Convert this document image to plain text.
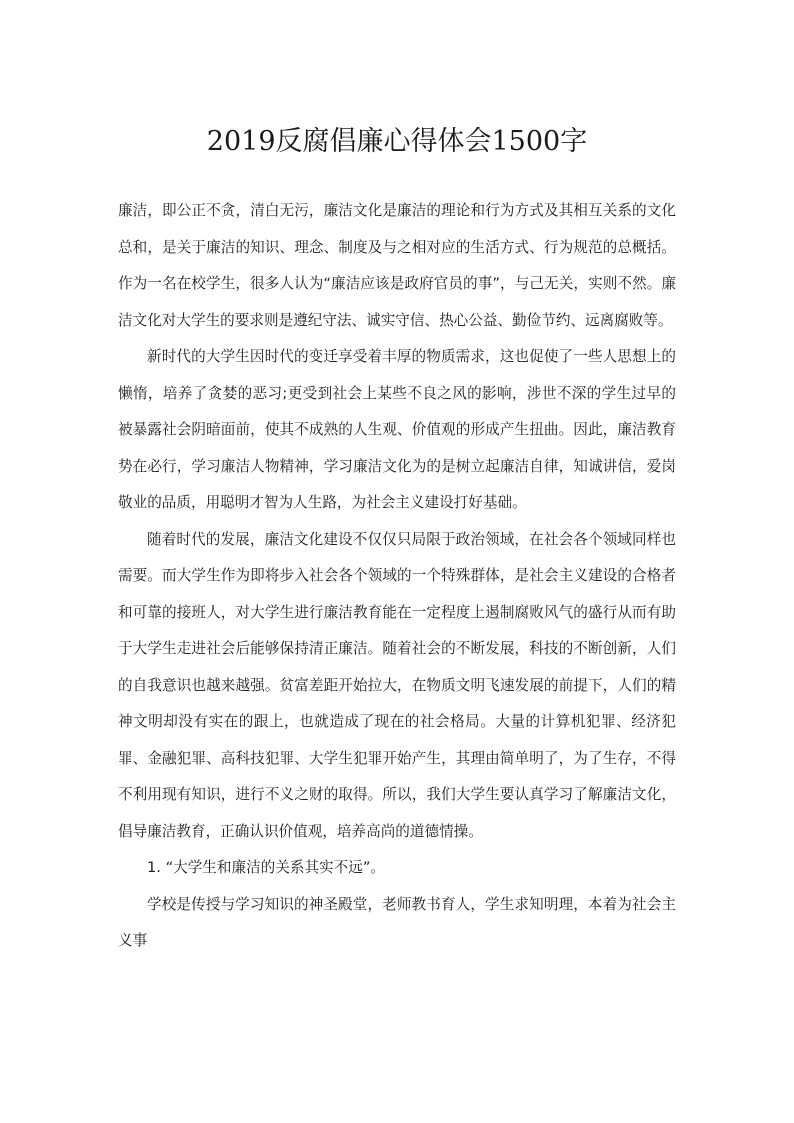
2019反腐倡廉心得体会1500字

廉洁，即公正不贪，清白无污，廉洁文化是廉洁的理论和行为方式及其相互关系的文化总和，是关于廉洁的知识、理念、制度及与之相对应的生活方式、行为规范的总概括。作为一名在校学生，很多人认为“廉洁应该是政府官员的事”，与己无关，实则不然。廉洁文化对大学生的要求则是遵纪守法、诚实守信、热心公益、勤俭节约、远离腐败等。

新时代的大学生因时代的变迁享受着丰厚的物质需求，这也促使了一些人思想上的懒惰，培养了贪婪的恶习;更受到社会上某些不良之风的影响，涉世不深的学生过早的被暴露社会阴暗面前，使其不成熟的人生观、价值观的形成产生扭曲。因此，廉洁教育势在必行，学习廉洁人物精神，学习廉洁文化为的是树立起廉洁自律，知诚讲信，爱岗敬业的品质，用聪明才智为人生路，为社会主义建设打好基础。

随着时代的发展，廉洁文化建设不仅仅只局限于政治领域，在社会各个领域同样也需要。而大学生作为即将步入社会各个领域的一个特殊群体，是社会主义建设的合格者和可靠的接班人，对大学生进行廉洁教育能在一定程度上遏制腐败风气的盛行从而有助于大学生走进社会后能够保持清正廉洁。随着社会的不断发展，科技的不断创新，人们的自我意识也越来越强。贫富差距开始拉大，在物质文明飞速发展的前提下，人们的精神文明却没有实在的跟上，也就造成了现在的社会格局。大量的计算机犯罪、经济犯罪、金融犯罪、高科技犯罪、大学生犯罪开始产生，其理由简单明了，为了生存，不得不利用现有知识，进行不义之财的取得。所以，我们大学生要认真学习了解廉洁文化，倡导廉洁教育，正确认识价值观，培养高尚的道德情操。

1. “大学生和廉洁的关系其实不远”。

学校是传授与学习知识的神圣殿堂，老师教书育人，学生求知明理，本着为社会主义事
